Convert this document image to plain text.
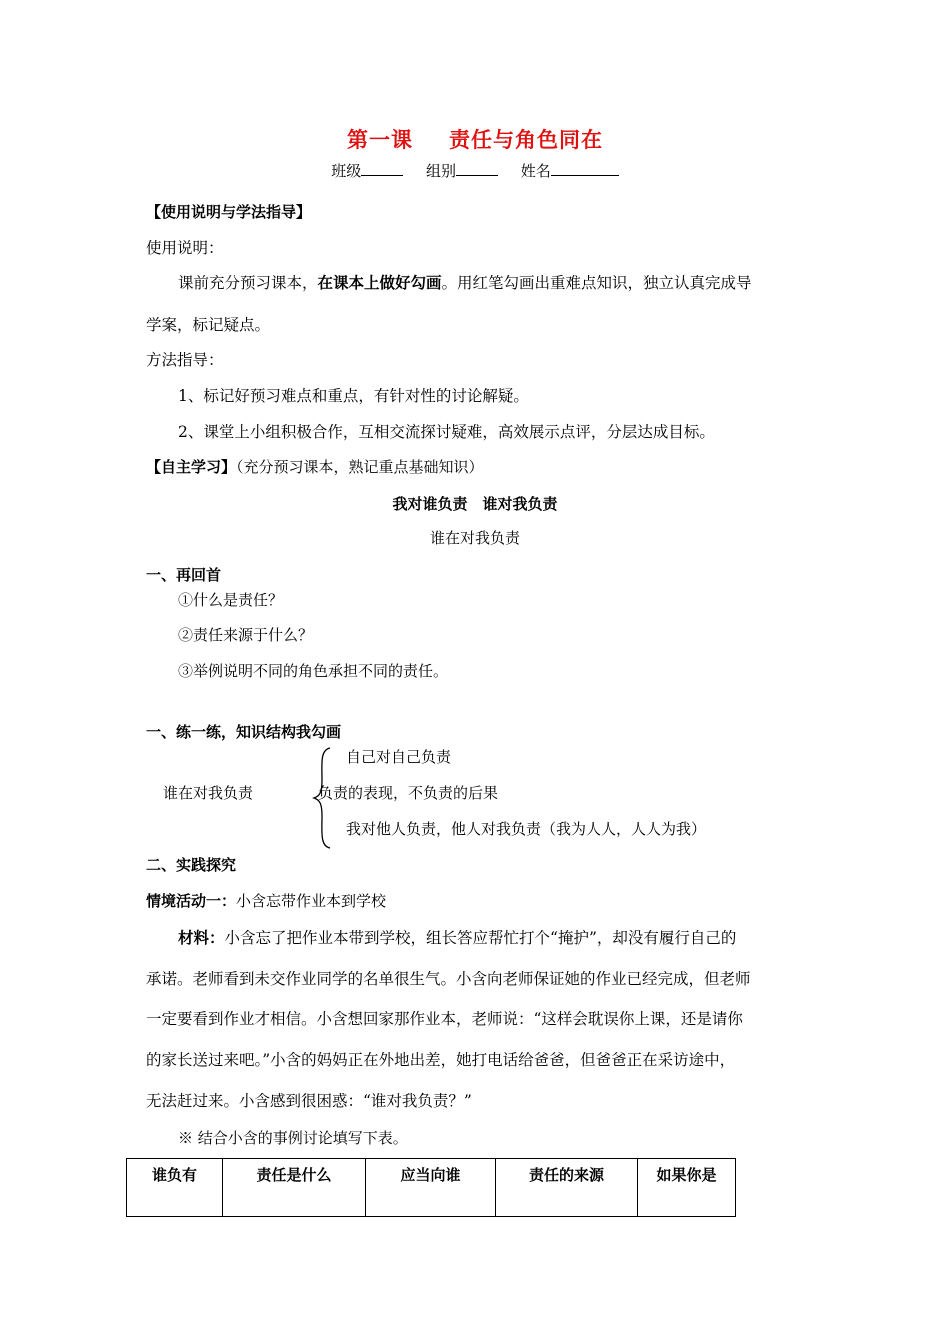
第一课 责任与角色同在
班级	组别	姓名
【使用说明与学法指导】
使用说明：
课前充分预习课本，在课本上做好勾画。用红笔勾画出重难点知识，独立认真完成导
学案，标记疑点。
方法指导：
1、标记好预习难点和重点，有针对性的讨论解疑。
2、课堂上小组积极合作，互相交流探讨疑难，高效展示点评，分层达成目标。
【自主学习】（充分预习课本，熟记重点基础知识）
我对谁负责　谁对我负责
谁在对我负责
一、再回首
①什么是责任？
②责任来源于什么？
③举例说明不同的角色承担不同的责任。
一、练一练，知识结构我勾画
谁在对我负责
自己对自己负责
负责的表现，不负责的后果
我对他人负责，他人对我负责（我为人人，人人为我）
二、实践探究
情境活动一：小含忘带作业本到学校
材料：小含忘了把作业本带到学校，组长答应帮忙打个“掩护”，却没有履行自己的
承诺。老师看到未交作业同学的名单很生气。小含向老师保证她的作业已经完成，但老师
一定要看到作业才相信。小含想回家那作业本，老师说：“这样会耽误你上课，还是请你
的家长送过来吧。”小含的妈妈正在外地出差，她打电话给爸爸，但爸爸正在采访途中，
无法赶过来。小含感到很困惑：“谁对我负责？”
※ 结合小含的事例讨论填写下表。
谁负有	责任是什么	应当向谁	责任的来源	如果你是
